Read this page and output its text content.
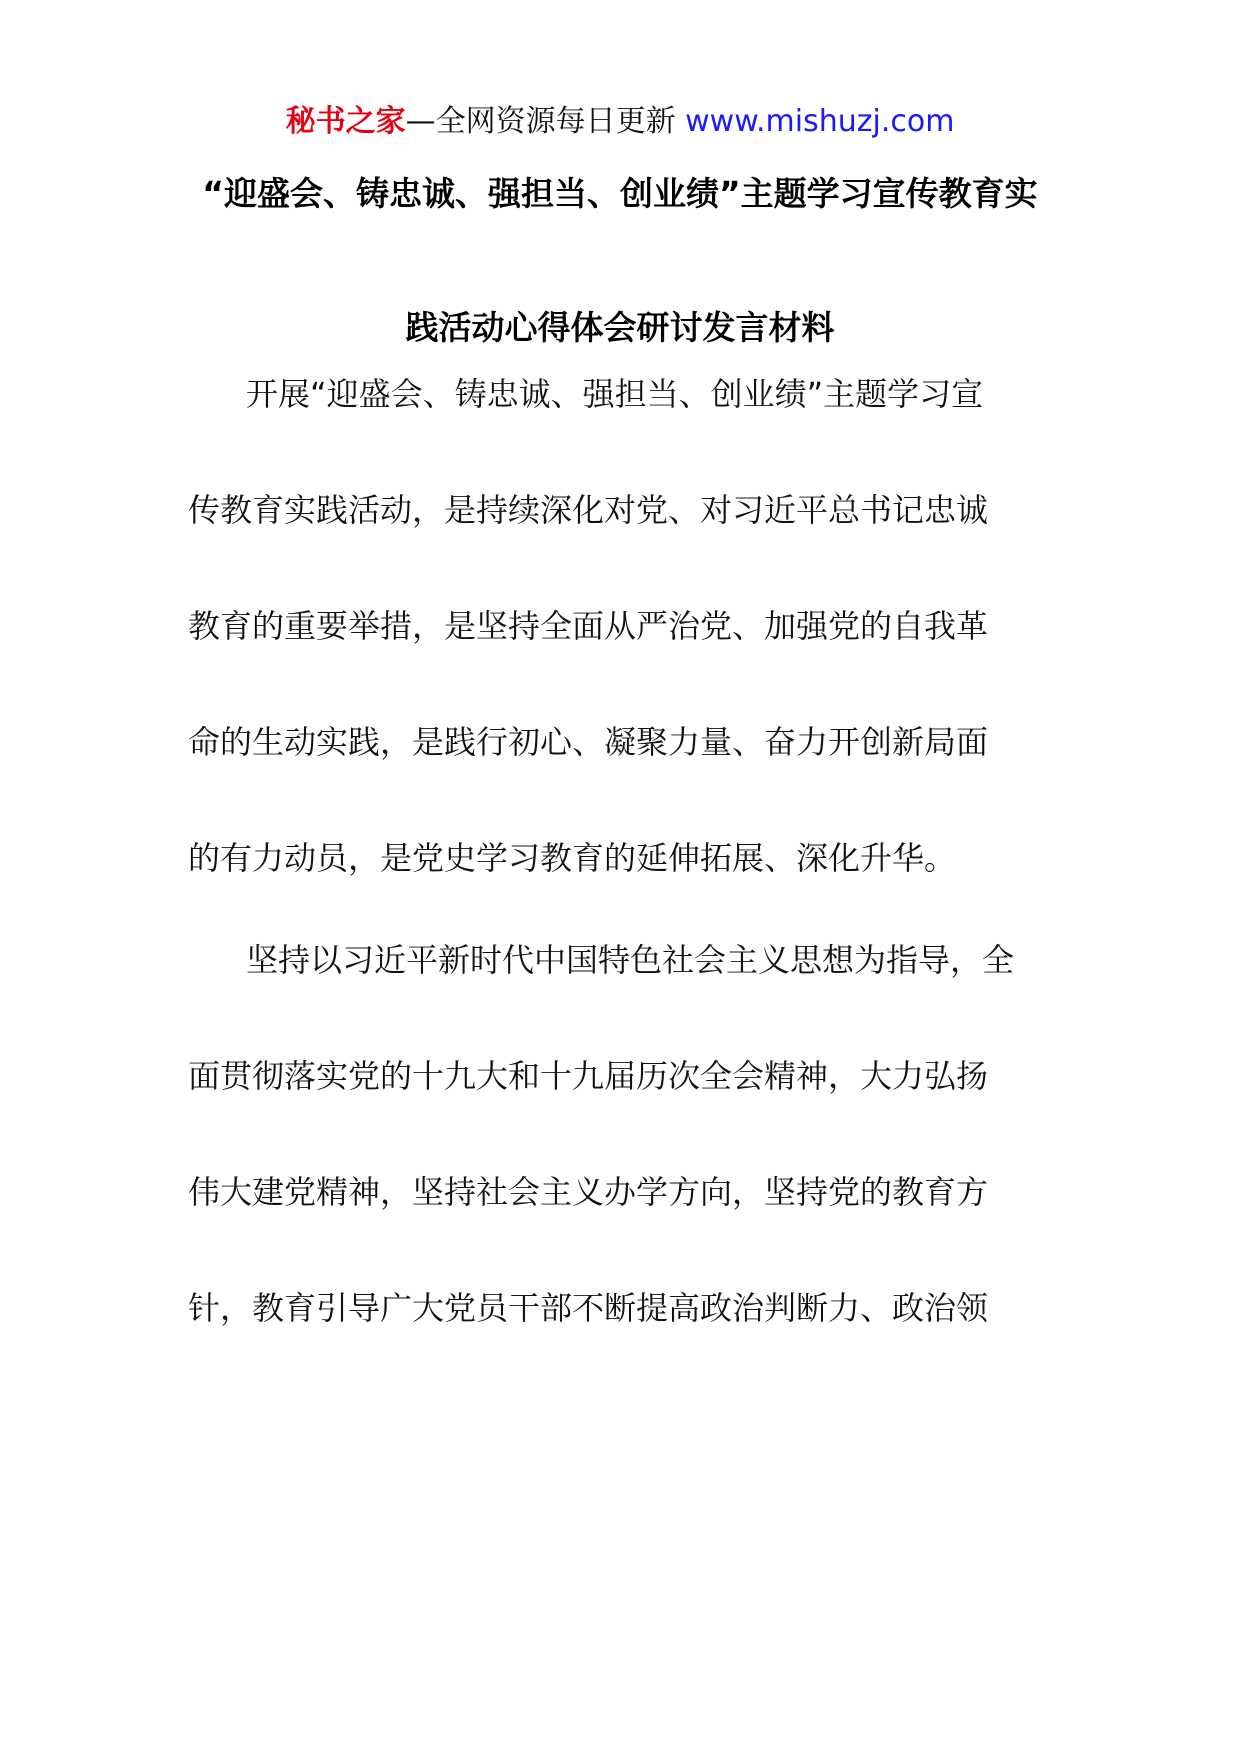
秘书之家—全网资源每日更新 www.mishuzj.com
“迎盛会、铸忠诚、强担当、创业绩”主题学习宣传教育实
践活动心得体会研讨发言材料
开展“迎盛会、铸忠诚、强担当、创业绩”主题学习宣
传教育实践活动，是持续深化对党、对习近平总书记忠诚
教育的重要举措，是坚持全面从严治党、加强党的自我革
命的生动实践，是践行初心、凝聚力量、奋力开创新局面
的有力动员，是党史学习教育的延伸拓展、深化升华。
坚持以习近平新时代中国特色社会主义思想为指导，全
面贯彻落实党的十九大和十九届历次全会精神，大力弘扬
伟大建党精神，坚持社会主义办学方向，坚持党的教育方
针，教育引导广大党员干部不断提高政治判断力、政治领
